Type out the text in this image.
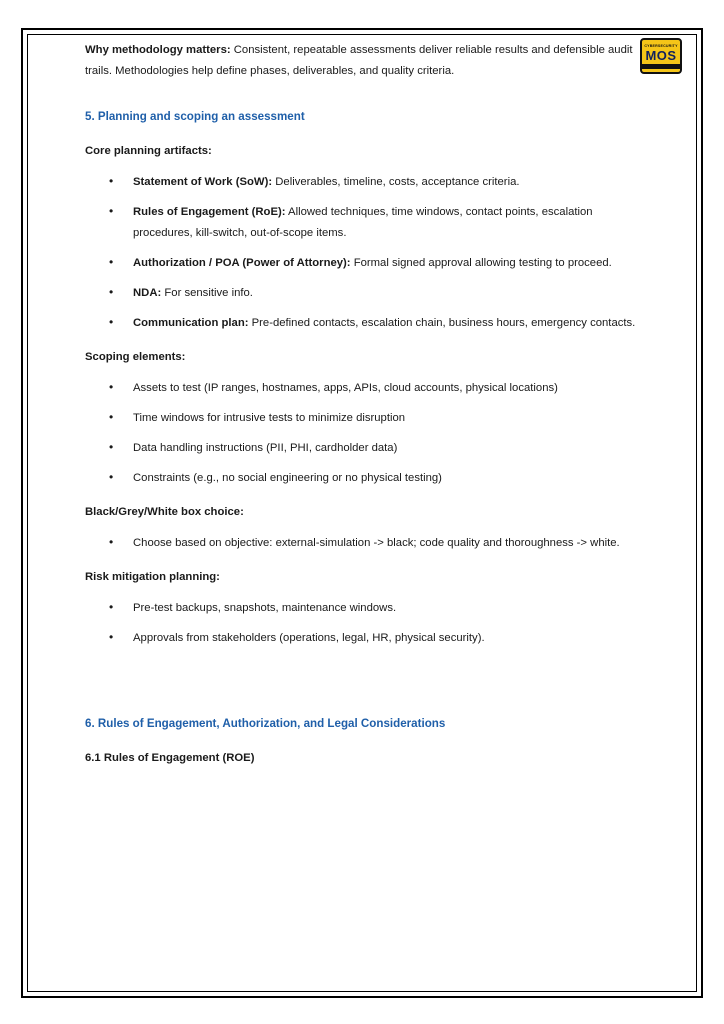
CYBERSECURITY
MOS

Why methodology matters: Consistent, repeatable assessments deliver reliable results and defensible audit trails. Methodologies help define phases, deliverables, and quality criteria.

5. Planning and scoping an assessment
Core planning artifacts:
• Statement of Work (SoW): Deliverables, timeline, costs, acceptance criteria.
• Rules of Engagement (RoE): Allowed techniques, time windows, contact points, escalation procedures, kill-switch, out-of-scope items.
• Authorization / POA (Power of Attorney): Formal signed approval allowing testing to proceed.
• NDA: For sensitive info.
• Communication plan: Pre-defined contacts, escalation chain, business hours, emergency contacts.
Scoping elements:
• Assets to test (IP ranges, hostnames, apps, APIs, cloud accounts, physical locations)
• Time windows for intrusive tests to minimize disruption
• Data handling instructions (PII, PHI, cardholder data)
• Constraints (e.g., no social engineering or no physical testing)
Black/Grey/White box choice:
• Choose based on objective: external-simulation -> black; code quality and thoroughness -> white.
Risk mitigation planning:
• Pre-test backups, snapshots, maintenance windows.
• Approvals from stakeholders (operations, legal, HR, physical security).
6. Rules of Engagement, Authorization, and Legal Considerations
6.1 Rules of Engagement (ROE)
